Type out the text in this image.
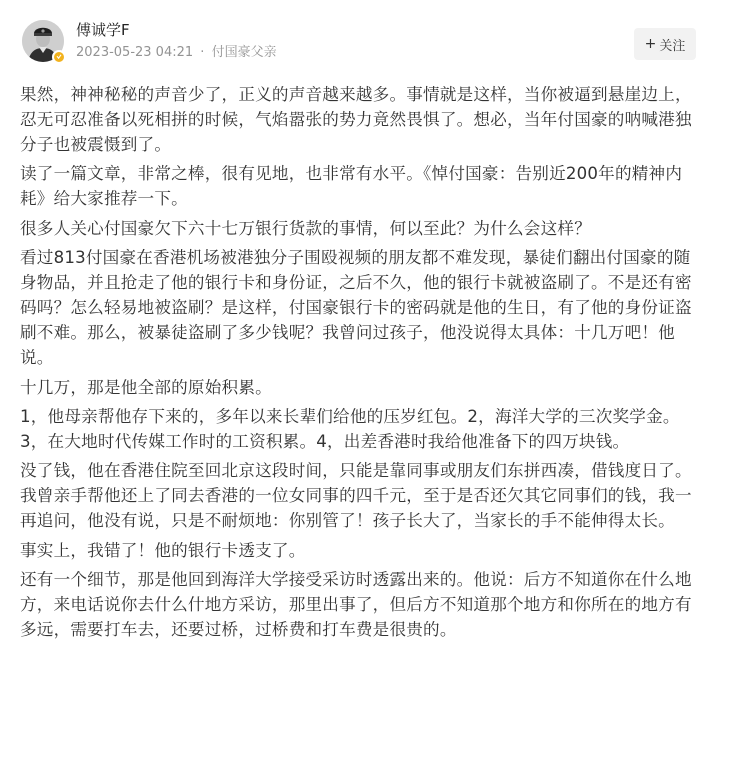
傅诚学F
2023-05-23 04:21 · 付国豪父亲
+ 关注

果然，神神秘秘的声音少了，正义的声音越来越多。事情就是这样，当你被逼到悬崖边上，忍无可忍准备以死相拼的时候，气焰嚣张的势力竟然畏惧了。想必，当年付国豪的呐喊港独分子也被震慑到了。

读了一篇文章，非常之棒，很有见地，也非常有水平。《悼付国豪：告别近200年的精神内耗》给大家推荐一下。

很多人关心付国豪欠下六十七万银行货款的事情，何以至此？为什么会这样？

看过813付国豪在香港机场被港独分子围殴视频的朋友都不难发现，暴徒们翻出付国豪的随身物品，并且抢走了他的银行卡和身份证，之后不久，他的银行卡就被盗刷了。不是还有密码吗？怎么轻易地被盗刷？是这样，付国豪银行卡的密码就是他的生日，有了他的身份证盗刷不难。那么，被暴徒盗刷了多少钱呢？我曾问过孩子，他没说得太具体：十几万吧！他说。

十几万，那是他全部的原始积累。

1，他母亲帮他存下来的，多年以来长辈们给他的压岁红包。2，海洋大学的三次奖学金。3，在大地时代传媒工作时的工资积累。4，出差香港时我给他准备下的四万块钱。

没了钱，他在香港住院至回北京这段时间，只能是靠同事或朋友们东拼西凑，借钱度日了。我曾亲手帮他还上了同去香港的一位女同事的四千元，至于是否还欠其它同事们的钱，我一再追问，他没有说，只是不耐烦地：你别管了！孩子长大了，当家长的手不能伸得太长。

事实上，我错了！他的银行卡透支了。

还有一个细节，那是他回到海洋大学接受采访时透露出来的。他说：后方不知道你在什么地方，来电话说你去什么什地方采访，那里出事了，但后方不知道那个地方和你所在的地方有多远，需要打车去，还要过桥，过桥费和打车费是很贵的。
